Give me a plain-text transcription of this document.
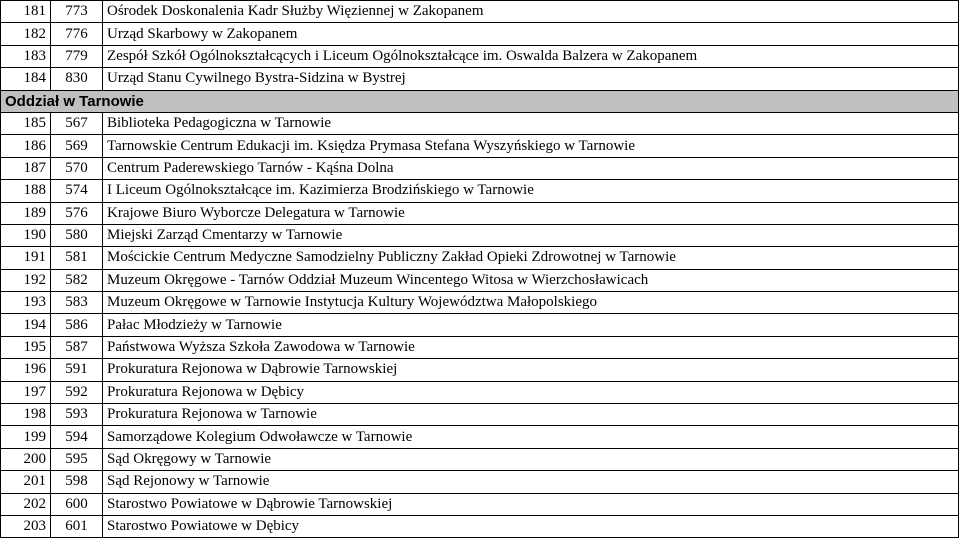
181	773	Ośrodek Doskonalenia Kadr Służby Więziennej w Zakopanem
182	776	Urząd Skarbowy w Zakopanem
183	779	Zespół Szkół Ogólnokształcących i Liceum Ogólnokształcące im. Oswalda Balzera w Zakopanem
184	830	Urząd Stanu Cywilnego Bystra-Sidzina w Bystrej
Oddział w Tarnowie		
185	567	Biblioteka Pedagogiczna w Tarnowie
186	569	Tarnowskie Centrum Edukacji im. Księdza Prymasa Stefana Wyszyńskiego w Tarnowie
187	570	Centrum Paderewskiego Tarnów - Kąśna Dolna
188	574	I Liceum Ogólnokształcące im. Kazimierza Brodzińskiego w Tarnowie
189	576	Krajowe Biuro Wyborcze Delegatura w Tarnowie
190	580	Miejski Zarząd Cmentarzy w Tarnowie
191	581	Mościckie Centrum Medyczne Samodzielny Publiczny Zakład Opieki Zdrowotnej w Tarnowie
192	582	Muzeum Okręgowe - Tarnów Oddział Muzeum Wincentego Witosa w Wierzchosławicach
193	583	Muzeum Okręgowe w Tarnowie Instytucja Kultury Województwa Małopolskiego
194	586	Pałac Młodzieży w Tarnowie
195	587	Państwowa Wyższa Szkoła Zawodowa w Tarnowie
196	591	Prokuratura Rejonowa w Dąbrowie Tarnowskiej
197	592	Prokuratura Rejonowa w Dębicy
198	593	Prokuratura Rejonowa w Tarnowie
199	594	Samorządowe Kolegium Odwoławcze w Tarnowie
200	595	Sąd Okręgowy w Tarnowie
201	598	Sąd Rejonowy w Tarnowie
202	600	Starostwo Powiatowe w Dąbrowie Tarnowskiej
203	601	Starostwo Powiatowe w Dębicy
